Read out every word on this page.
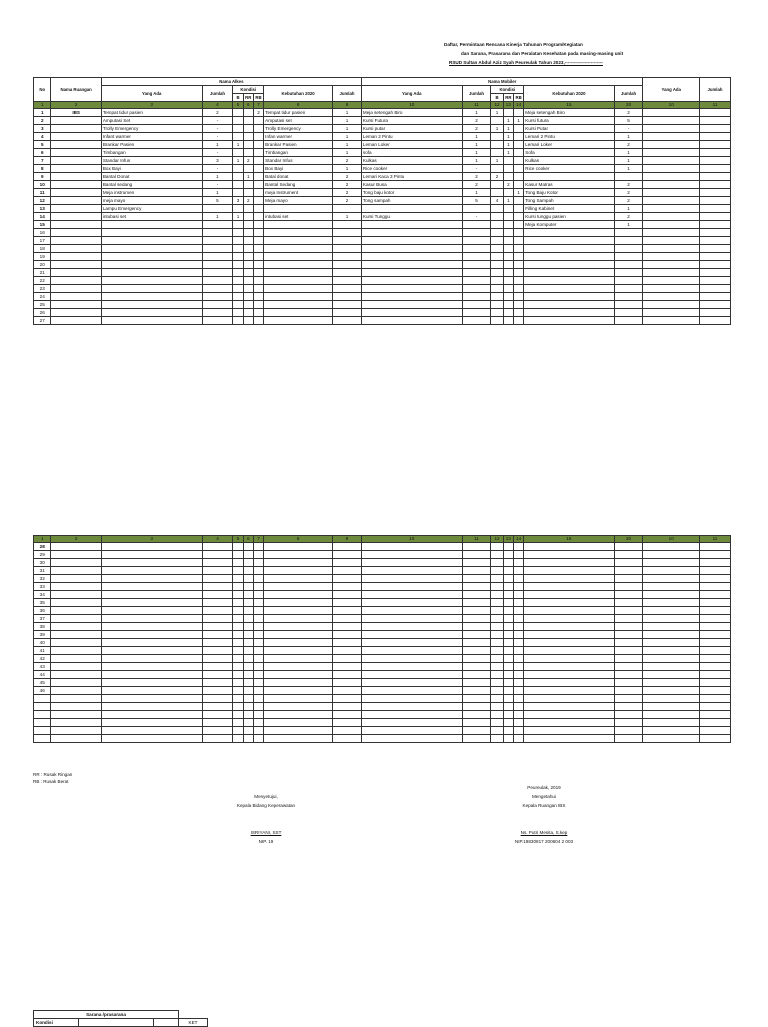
Daftar, Permintaan Rencana Kinerja Tahunan Program/Kegiatan
dan Sarana, Prasarana dan Peralatan Kesehatan pada masing-masing unit
RSUD Sultan Abdul Aziz Syah Peureulak Tahun 2023,-------------------------
No	Nama Ruangan	Nama Alkes							Nama Mobiler							Yang Ada	Jumlah
		Yang Ada	Jumlah	Kondisi			Kebutuhan 2020	Jumlah	Yang Ada	Jumlah	Kondisi			Kebutuhan 2020	Jumlah		
				B	RR	RB					B	RR	RB				
1	2	3	4	5	6	7	8	9	10	11	12	13	14	15	20	10	11
1	IBS	Tempat tidur pasien	2			2	Tempat tidur pasien	1	Meja setengah Biro	1	1			Meja setengah Biro	2		
2		Amputasi Set	-				Amputasi set	1	Kursi Futura	2		1	1	Kursi futura	5		
3		Trolly Emergency	-				Trolly Emergency	1	Kursi putar	2	1	1		Kursi Putar	-		
4		Infant warmer	-				Infan warmer	1	Leman 2 Pintu	1		1		Lemari 2 Pintu	1		
5		Brankar Pasien	1	1			Brankar Pasien	1	Leman Loker	1		1		Lemari Loker	2		
6		Timbangan	-				Timbangan	1	sofa	1		1		Sofa	1		
7		Standar Infus	3	1	2		Standar Infus	2	Kulkas	1	1			Kulkas	1		
8		Box Bayi	-				Box Bayi	1	Rice cooker	-				Rice cooker	1		
9		Bantal Donat	1		1		Batal donat	2	Lemari Kaca 3 Pintu	2	2						
10		Bantal sedang	-				Bantal Sedang	2	Kasur Busa	2		2		Kasur Matras	2		
11		Meja instrumen	1				meja Instrument	2	Tong baju kotor	1			1	Tong Baju Kotor	2		
12		meja mayo	5	3	2		Meja mayo	2	Tong sampah	5	4	1		Tong Sampah	2		
13		Lampu Emergency												Filling Kabinet	1		
14		intubasi set	1	1			intubasi set	1	Kursi Tunggu	-				Kursi tunggu pasien	2		
15														Meja Komputer	1		
16																	
17																	
18																	
19																	
20																	
21																	
22																	
23																	
24																	
25																	
26																	
27																	
1	2	3	4	5	6	7	8	9	10	11	12	13	14	15	20	10	11
28																	
29																	
30																	
31																	
32																	
33																	
34																	
35																	
36																	
37																	
38																	
39																	
40																	
41																	
42																	
43																	
44																	
45																	
46																	

RR : Rusak Ringan
RB : Rusak Berat
Menyetujui,
Kepala Bidang Keperawatan
ISRIYANI, SST
NIP. 19
Peureulak, 2019
Mengetahui
Kepala Ruangan IBS
Ns. Putri Mesita, S.kep
NIP.19830817 200604 2 003
Sarana /prasarana			
Kondisi			KET
